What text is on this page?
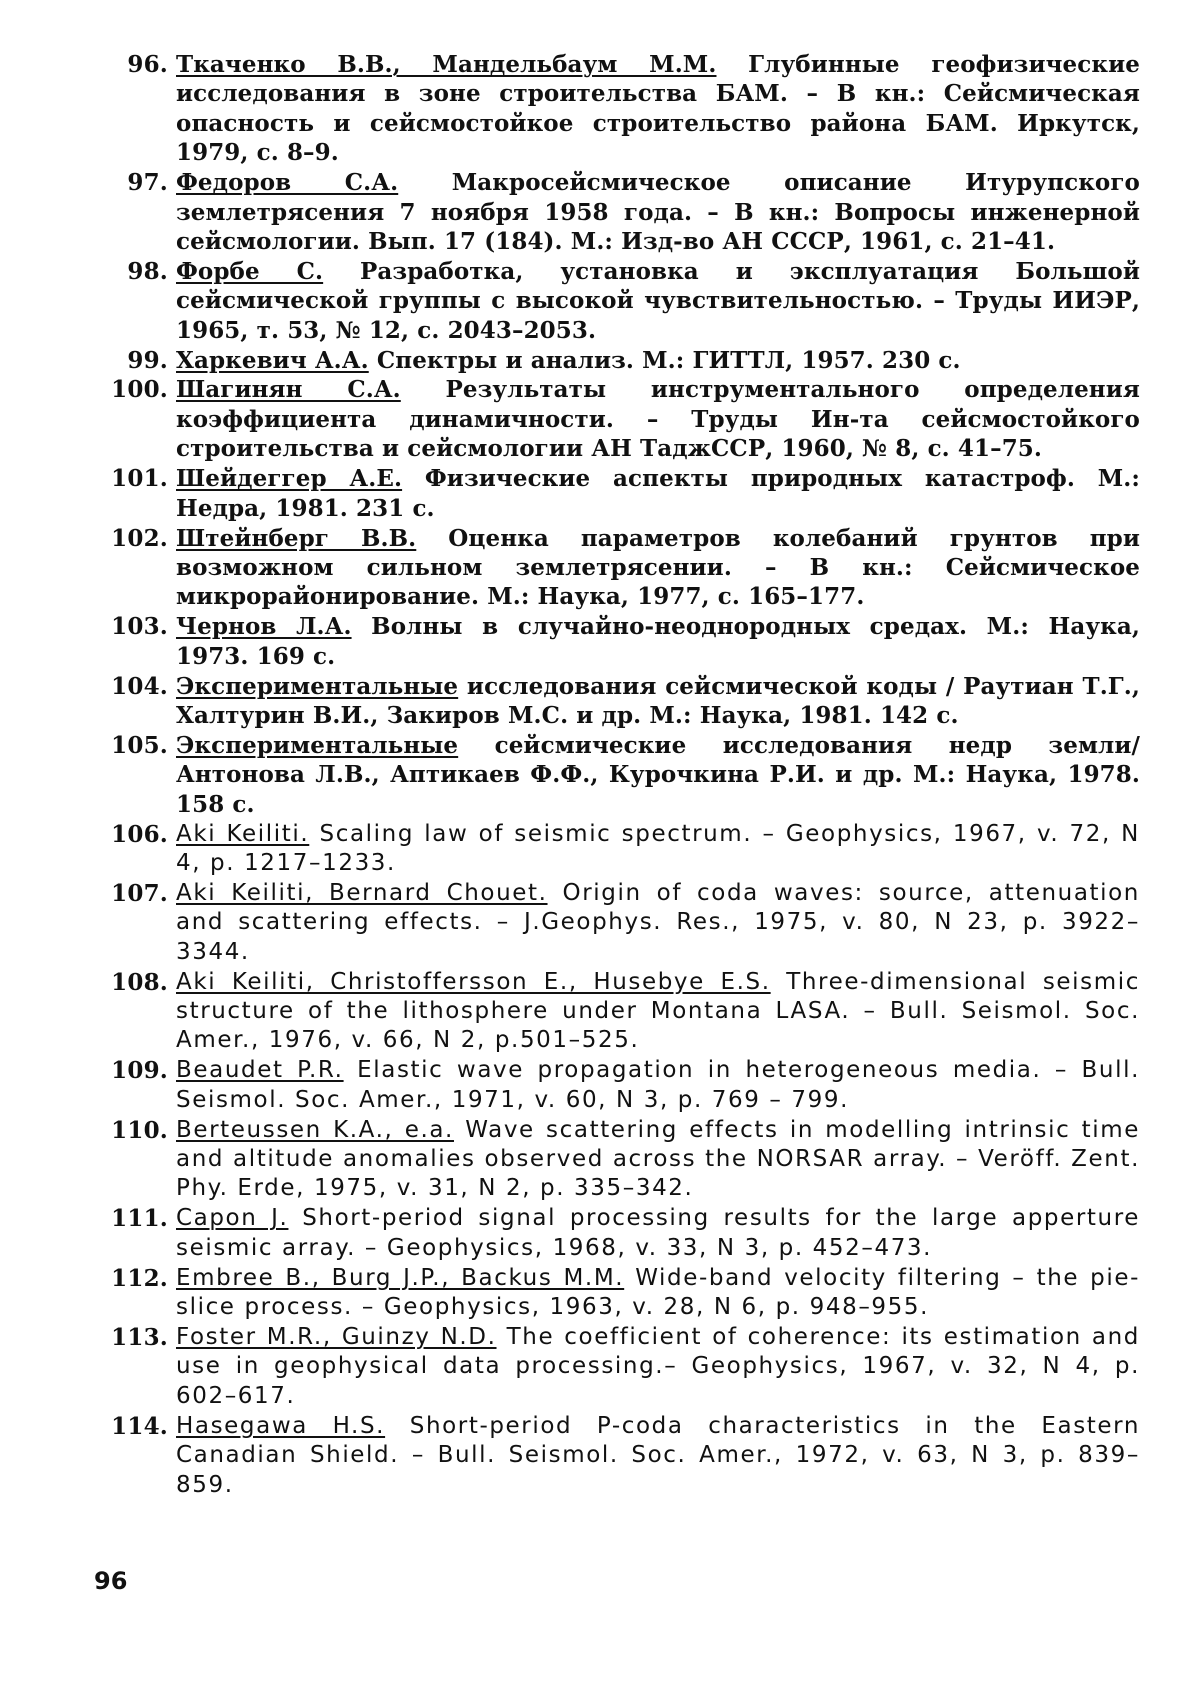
96. Ткаченко В.В., Мандельбаум М.М. Глубинные геофизические исследования в зоне строительства БАМ. – В кн.: Сейсмическая опасность и сейсмостойкое строительство района БАМ. Иркутск, 1979, с. 8–9.
97. Федоров С.А. Макросейсмическое описание Итурупского землетрясения 7 ноября 1958 года. – В кн.: Вопросы инженерной сейсмологии. Вып. 17 (184). М.: Изд-во АН СССР, 1961, с. 21–41.
98. Форбе С. Разработка, установка и эксплуатация Большой сейсмической группы с высокой чувствительностью. – Труды ИИЭР, 1965, т. 53, № 12, с. 2043–2053.
99. Харкевич А.А. Спектры и анализ. М.: ГИТТЛ, 1957. 230 с.
100. Шагинян С.А. Результаты инструментального определения коэффициента динамичности. – Труды Ин-та сейсмостойкого строительства и сейсмологии АН ТаджССР, 1960, № 8, с. 41–75.
101. Шейдеггер А.Е. Физические аспекты природных катастроф. М.: Недра, 1981. 231 с.
102. Штейнберг В.В. Оценка параметров колебаний грунтов при возможном сильном землетрясении. – В кн.: Сейсмическое микрорайонирование. М.: Наука, 1977, с. 165–177.
103. Чернов Л.А. Волны в случайно-неоднородных средах. М.: Наука, 1973. 169 с.
104. Экспериментальные исследования сейсмической коды / Раутиан Т.Г., Халтурин В.И., Закиров М.С. и др. М.: Наука, 1981. 142 с.
105. Экспериментальные сейсмические исследования недр земли/Антонова Л.В., Аптикаев Ф.Ф., Курочкина Р.И. и др. М.: Наука, 1978. 158 с.
106. Aki Keiliti. Scaling law of seismic spectrum. – Geophysics, 1967, v. 72, N 4, p. 1217–1233.
107. Aki Keiliti, Bernard Chouet. Origin of coda waves: source, attenuation and scattering effects. – J.Geophys. Res., 1975, v. 80, N 23, p. 3922–3344.
108. Aki Keiliti, Christoffersson E., Husebye E.S. Three-dimensional seismic structure of the lithosphere under Montana LASA. – Bull. Seismol. Soc. Amer., 1976, v. 66, N 2, p.501–525.
109. Beaudet P.R. Elastic wave propagation in heterogeneous media. – Bull. Seismol. Soc. Amer., 1971, v. 60, N 3, p. 769 – 799.
110. Berteussen K.A., e.a. Wave scattering effects in modelling intrinsic time and altitude anomalies observed across the NORSAR array. – Veröff. Zent. Phy. Erde, 1975, v. 31, N 2, p. 335–342.
111. Capon J. Short-period signal processing results for the large apperture seismic array. – Geophysics, 1968, v. 33, N 3, p. 452–473.
112. Embree B., Burg J.P., Backus M.M. Wide-band velocity filtering – the pie-slice process. – Geophysics, 1963, v. 28, N 6, p. 948–955.
113. Foster M.R., Guinzy N.D. The coefficient of coherence: its estimation and use in geophysical data processing.– Geophysics, 1967, v. 32, N 4, p. 602–617.
114. Hasegawa H.S. Short-period P-coda characteristics in the Eastern Canadian Shield. – Bull. Seismol. Soc. Amer., 1972, v. 63, N 3, p. 839–859.
96
